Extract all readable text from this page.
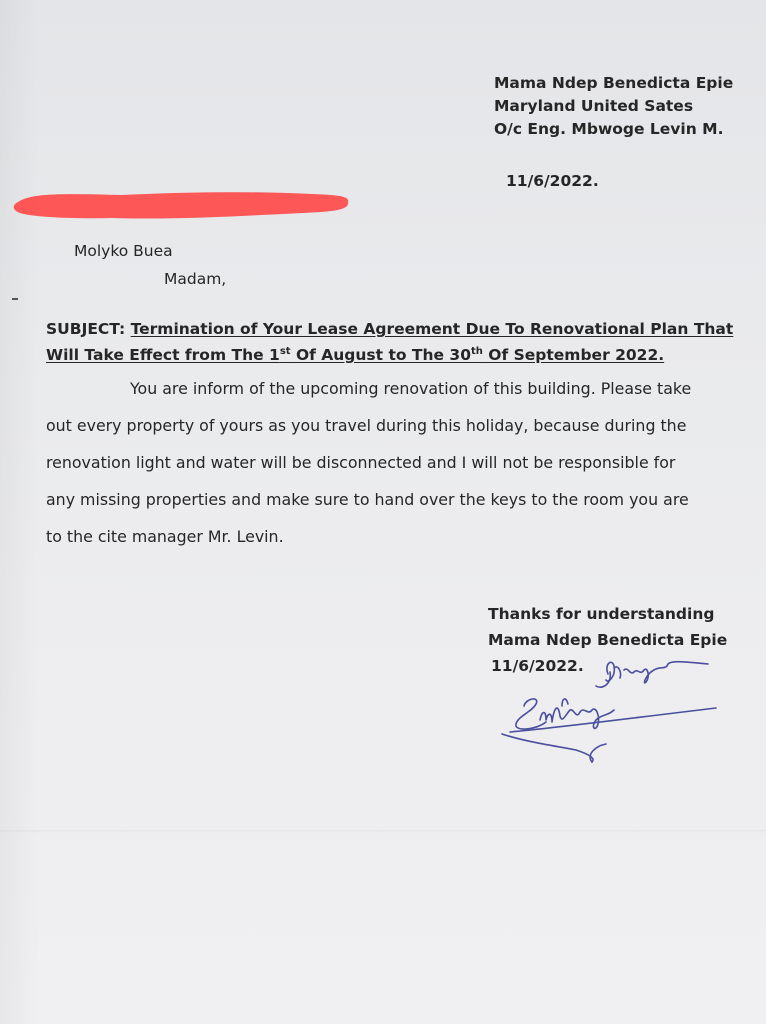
Mama Ndep Benedicta Epie
Maryland United Sates
O/c Eng. Mbwoge Levin M.
11/6/2022.
Molyko Buea
Madam,
SUBJECT: Termination of Your Lease Agreement Due To Renovational Plan That
Will Take Effect from The 1st Of August to The 30th Of September 2022.
You are inform of the upcoming renovation of this building. Please take
out every property of yours as you travel during this holiday, because during the
renovation light and water will be disconnected and I will not be responsible for
any missing properties and make sure to hand over the keys to the room you are
to the cite manager Mr. Levin.
Thanks for understanding
Mama Ndep Benedicta Epie
11/6/2022.
